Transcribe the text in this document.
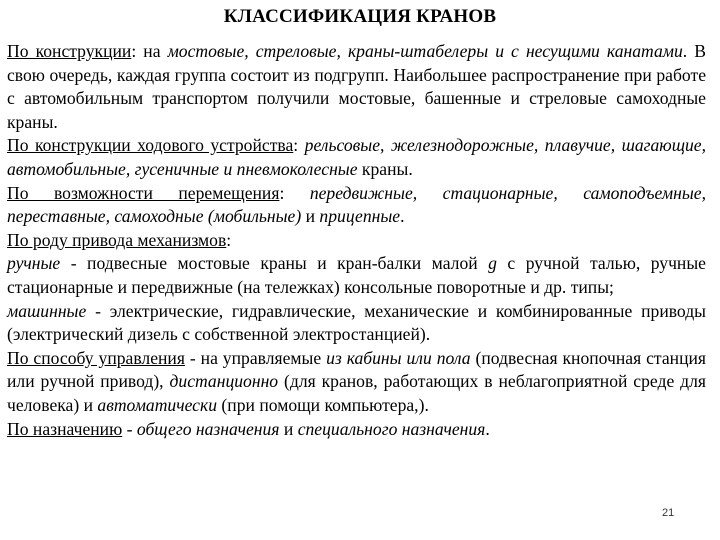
КЛАССИФИКАЦИЯ КРАНОВ

По конструкции: на мостовые, стреловые, краны-штабелеры и с несущими канатами. В свою очередь, каждая группа состоит из подгрупп. Наибольшее распространение при работе с автомобильным транспортом получили мостовые, башенные и стреловые самоходные краны.

По конструкции ходового устройства: рельсовые, железнодорожные, плавучие, шагающие, автомобильные, гусеничные и пневмоколесные краны.

По возможности перемещения: передвижные, стационарные, самоподъемные, переставные, самоходные (мобильные) и прицепные.

По роду привода механизмов:

ручные - подвесные мостовые краны и кран-балки малой g с ручной талью, ручные стационарные и передвижные (на тележках) консольные поворотные и др. типы;

машинные - электрические, гидравлические, механические и комбинированные приводы (электрический дизель с собственной электростанцией).

По способу управления - на управляемые из кабины или пола (подвесная кнопочная станция или ручной привод), дистанционно (для кранов, работающих в неблагоприятной среде для человека) и автоматически (при помощи компьютера,).

По назначению - общего назначения и специального назначения.

21
